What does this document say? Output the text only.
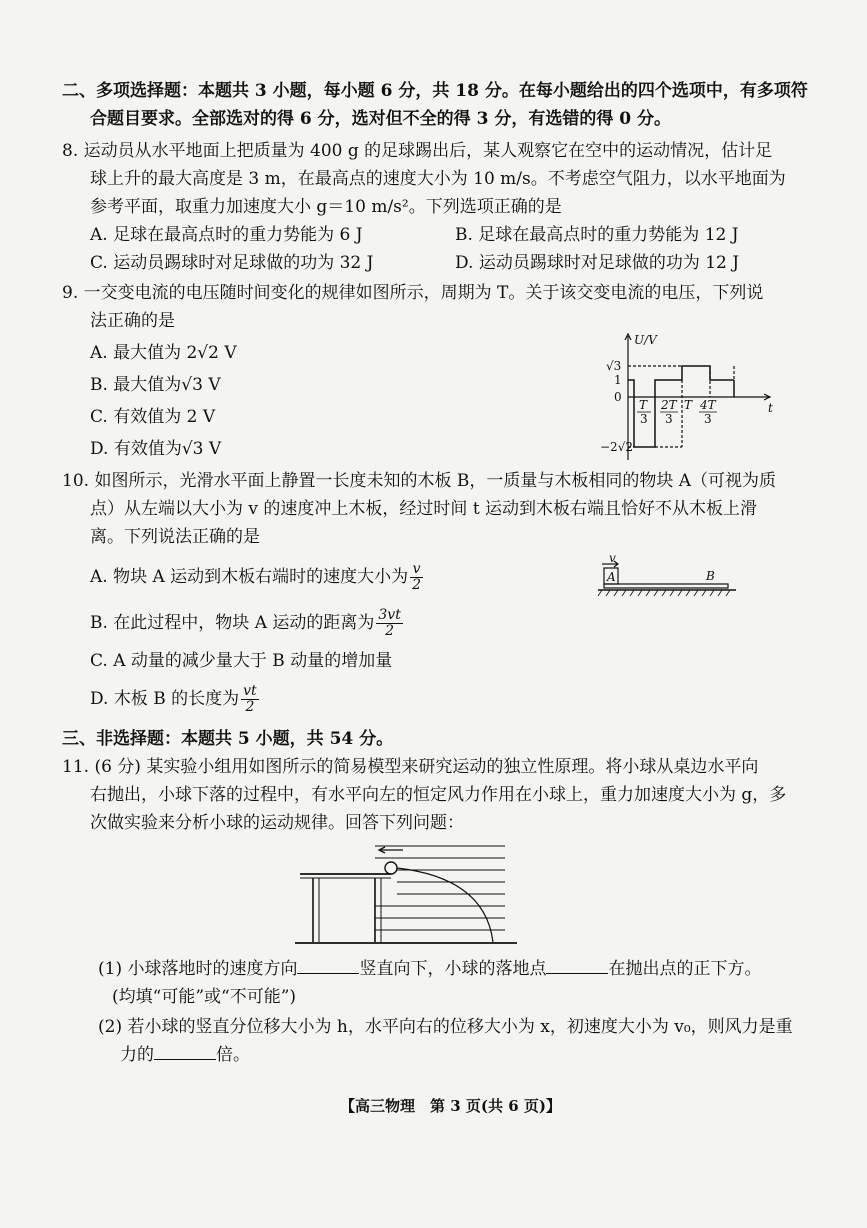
二、多项选择题：本题共 3 小题，每小题 6 分，共 18 分。在每小题给出的四个选项中，有多项符
合题目要求。全部选对的得 6 分，选对但不全的得 3 分，有选错的得 0 分。
8. 运动员从水平地面上把质量为 400 g 的足球踢出后，某人观察它在空中的运动情况，估计足
球上升的最大高度是 3 m，在最高点的速度大小为 10 m/s。不考虑空气阻力，以水平地面为
参考平面，取重力加速度大小 g＝10 m/s²。下列选项正确的是
A. 足球在最高点时的重力势能为 6 J	B. 足球在最高点时的重力势能为 12 J
C. 运动员踢球时对足球做的功为 32 J	D. 运动员踢球时对足球做的功为 12 J
9. 一交变电流的电压随时间变化的规律如图所示，周期为 T。关于该交变电流的电压，下列说
法正确的是
A. 最大值为 2√2 V
B. 最大值为√3 V
C. 有效值为 2 V
D. 有效值为√3 V
U/V
t
√3
1
0
−2√2
T
3
2T
3
T 4T
3
10. 如图所示，光滑水平面上静置一长度未知的木板 B，一质量与木板相同的物块 A（可视为质
点）从左端以大小为 v 的速度冲上木板，经过时间 t 运动到木板右端且恰好不从木板上滑
离。下列说法正确的是
A. 物块 A 运动到木板右端时的速度大小为 $\frac{v}{2}$
B. 在此过程中，物块 A 运动的距离为 $\frac{3vt}{2}$
C. A 动量的减少量大于 B 动量的增加量
D. 木板 B 的长度为 $\frac{vt}{2}$
v
A	B
三、非选择题：本题共 5 小题，共 54 分。
11. (6 分) 某实验小组用如图所示的简易模型来研究运动的独立性原理。将小球从桌边水平向
右抛出，小球下落的过程中，有水平向左的恒定风力作用在小球上，重力加速度大小为 g，多
次做实验来分析小球的运动规律。回答下列问题：
(1) 小球落地时的速度方向	竖直向下，小球的落地点	在抛出点的正下方。
(均填“可能”或“不可能”)
(2) 若小球的竖直分位移大小为 h，水平向右的位移大小为 x，初速度大小为 v₀，则风力是重
力的	倍。
【高三物理　第 3 页(共 6 页)】
